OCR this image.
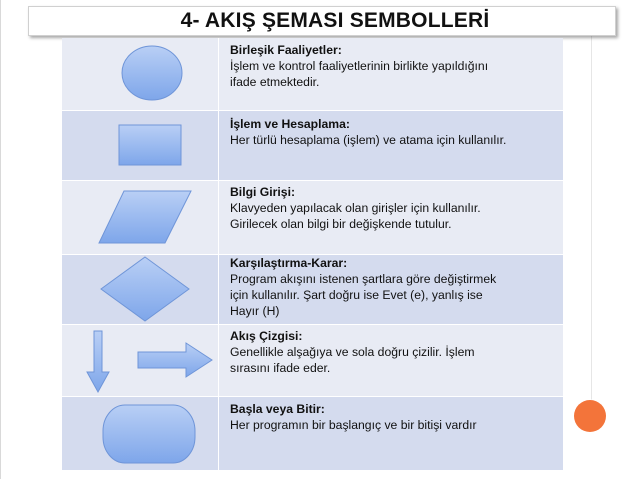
4- AKIŞ ŞEMASI SEMBOLLERİ
Birleşik Faaliyetler:
İşlem ve kontrol faaliyetlerinin birlikte yapıldığını
ifade etmektedir.
İşlem ve Hesaplama:
Her türlü hesaplama (işlem) ve atama için kullanılır.
Bilgi Girişi:
Klavyeden yapılacak olan girişler için kullanılır.
Girilecek olan bilgi bir değişkende tutulur.
Karşılaştırma-Karar:
Program akışını istenen şartlara göre değiştirmek
için kullanılır. Şart doğru ise Evet (e), yanlış ise
Hayır (H)
Akış Çizgisi:
Genellikle alşağıya ve sola doğru çizilir. İşlem
sırasını ifade eder.
Başla veya Bitir:
Her programın bir başlangıç ve bir bitişi vardır
